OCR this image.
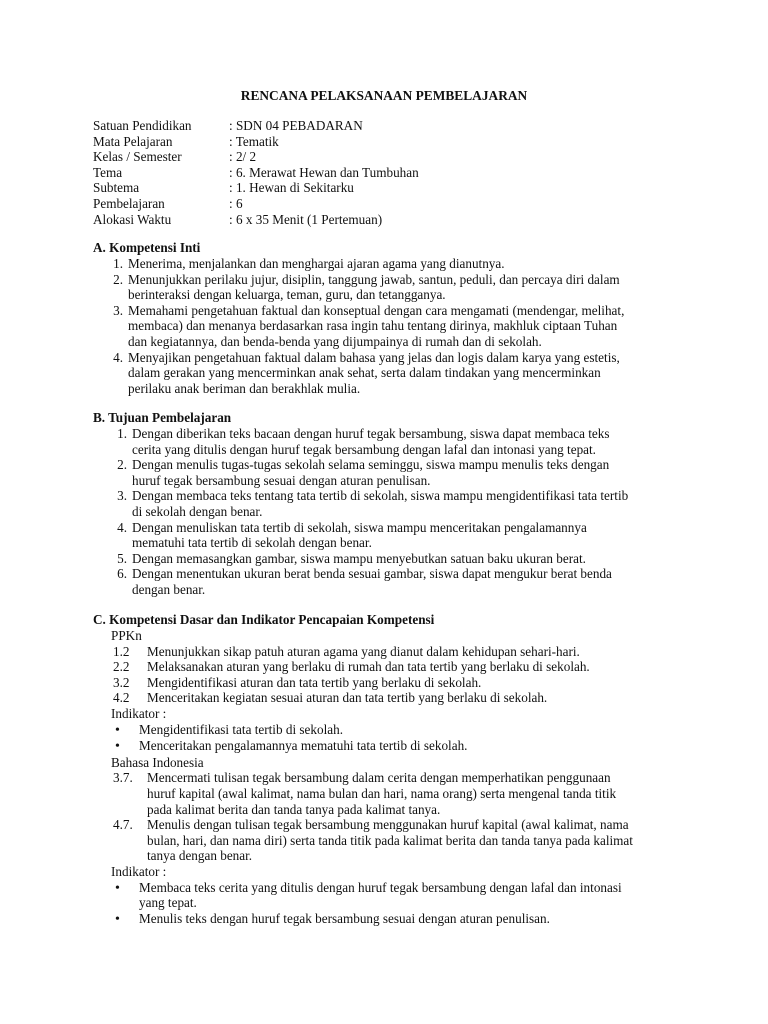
RENCANA PELAKSANAAN PEMBELAJARAN
Satuan Pendidikan	: SDN 04 PEBADARAN
Mata Pelajaran	: Tematik
Kelas / Semester	: 2/ 2
Tema	: 6. Merawat Hewan dan Tumbuhan
Subtema	: 1. Hewan di Sekitarku
Pembelajaran	: 6
Alokasi Waktu	: 6 x 35 Menit (1 Pertemuan)
A. Kompetensi Inti
1. Menerima, menjalankan dan menghargai ajaran agama yang dianutnya.
2. Menunjukkan perilaku jujur, disiplin, tanggung jawab, santun, peduli, dan percaya diri dalam
berinteraksi dengan keluarga, teman, guru, dan tetangganya.
3. Memahami pengetahuan faktual dan konseptual dengan cara mengamati (mendengar, melihat,
membaca) dan menanya berdasarkan rasa ingin tahu tentang dirinya, makhluk ciptaan Tuhan
dan kegiatannya, dan benda-benda yang dijumpainya di rumah dan di sekolah.
4. Menyajikan pengetahuan faktual dalam bahasa yang jelas dan logis dalam karya yang estetis,
dalam gerakan yang mencerminkan anak sehat, serta dalam tindakan yang mencerminkan
perilaku anak beriman dan berakhlak mulia.
B. Tujuan Pembelajaran
1. Dengan diberikan teks bacaan dengan huruf tegak bersambung, siswa dapat membaca teks
cerita yang ditulis dengan huruf tegak bersambung dengan lafal dan intonasi yang tepat.
2. Dengan menulis tugas-tugas sekolah selama seminggu, siswa mampu menulis teks dengan
huruf tegak bersambung sesuai dengan aturan penulisan.
3. Dengan membaca teks tentang tata tertib di sekolah, siswa mampu mengidentifikasi tata tertib
di sekolah dengan benar.
4. Dengan menuliskan tata tertib di sekolah, siswa mampu menceritakan pengalamannya
mematuhi tata tertib di sekolah dengan benar.
5. Dengan memasangkan gambar, siswa mampu menyebutkan satuan baku ukuran berat.
6. Dengan menentukan ukuran berat benda sesuai gambar, siswa dapat mengukur berat benda
dengan benar.
C. Kompetensi Dasar dan Indikator Pencapaian Kompetensi
PPKn
1.2	Menunjukkan sikap patuh aturan agama yang dianut dalam kehidupan sehari-hari.
2.2	Melaksanakan aturan yang berlaku di rumah dan tata tertib yang berlaku di sekolah.
3.2	Mengidentifikasi aturan dan tata tertib yang berlaku di sekolah.
4.2	Menceritakan kegiatan sesuai aturan dan tata tertib yang berlaku di sekolah.
Indikator :
•
Mengidentifikasi tata tertib di sekolah.
•
Menceritakan pengalamannya mematuhi tata tertib di sekolah.
Bahasa Indonesia
3.7.	Mencermati tulisan tegak bersambung dalam cerita dengan memperhatikan penggunaan
huruf kapital (awal kalimat, nama bulan dan hari, nama orang) serta mengenal tanda titik
pada kalimat berita dan tanda tanya pada kalimat tanya.
4.7.	Menulis dengan tulisan tegak bersambung menggunakan huruf kapital (awal kalimat, nama
bulan, hari, dan nama diri) serta tanda titik pada kalimat berita dan tanda tanya pada kalimat
tanya dengan benar.
Indikator :
•
Membaca teks cerita yang ditulis dengan huruf tegak bersambung dengan lafal dan intonasi
yang tepat.
•
Menulis teks dengan huruf tegak bersambung sesuai dengan aturan penulisan.
